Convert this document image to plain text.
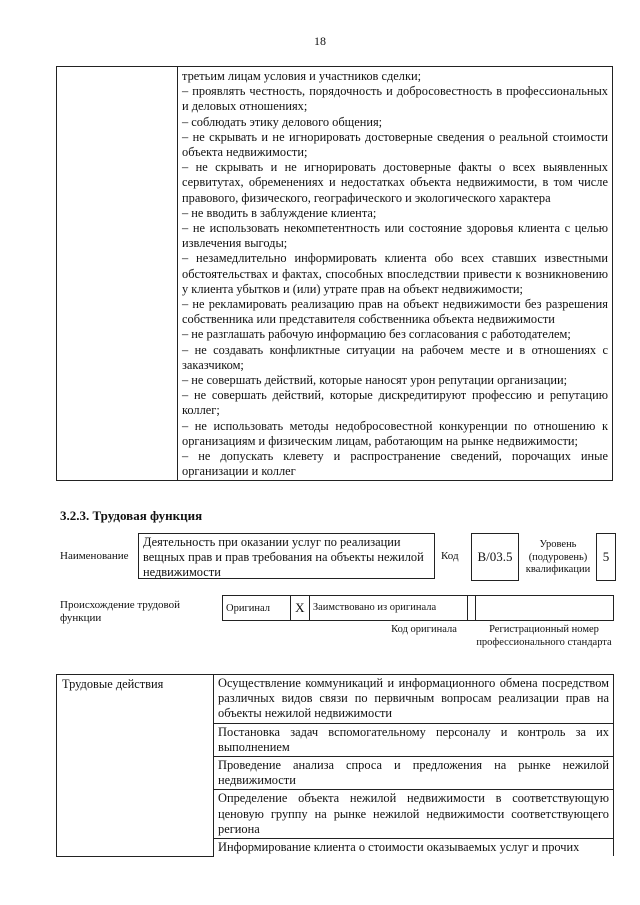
18

третьим лицам условия и участников сделки;

– проявлять честность, порядочность и добросовестность в профессиональных и деловых отношениях;

– соблюдать этику делового общения;

– не скрывать и не игнорировать достоверные сведения о реальной стоимости объекта недвижимости;

– не скрывать и не игнорировать достоверные факты о всех выявленных сервитутах, обременениях и недостатках объекта недвижимости, в том числе правового, физического, географического и экологического характера

– не вводить в заблуждение клиента;

– не использовать некомпетентность или состояние здоровья клиента с целью извлечения выгоды;

– незамедлительно информировать клиента обо всех ставших известными обстоятельствах и фактах, способных впоследствии привести к возникновению у клиента убытков и (или) утрате прав на объект недвижимости;

– не рекламировать реализацию прав на объект недвижимости без разрешения собственника или представителя собственника объекта недвижимости

– не разглашать рабочую информацию без согласования с работодателем;

– не создавать конфликтные ситуации на рабочем месте и в отношениях с заказчиком;

– не совершать действий, которые наносят урон репутации организации;

– не совершать действий, которые дискредитируют профессию и репутацию коллег;

– не использовать методы недобросовестной конкуренции по отношению к организациям и физическим лицам, работающим на рынке недвижимости;

– не допускать клевету и распространение сведений, порочащих иные организации и коллег

3.2.3. Трудовая функция
Наименование
Деятельность при оказании услуг по реализации вещных прав и прав требования на объекты нежилой недвижимости
Код	B/03.5
Уровень (подуровень) квалификации
5
Происхождение трудовой функции
Оригинал	X	Заимствовано из оригинала		
Код оригинала	Регистрационный номер профессионального стандарта
Трудовые действия	Осуществление коммуникаций и информационного обмена посредством различных видов связи по первичным вопросам реализации прав на объекты нежилой недвижимости
Постановка задач вспомогательному персоналу и контроль за их выполнением
Проведение анализа спроса и предложения на рынке нежилой недвижимости
Определение объекта нежилой недвижимости в соответствующую ценовую группу на рынке нежилой недвижимости соответствующего региона
Информирование клиента о стоимости оказываемых услуг и прочих
